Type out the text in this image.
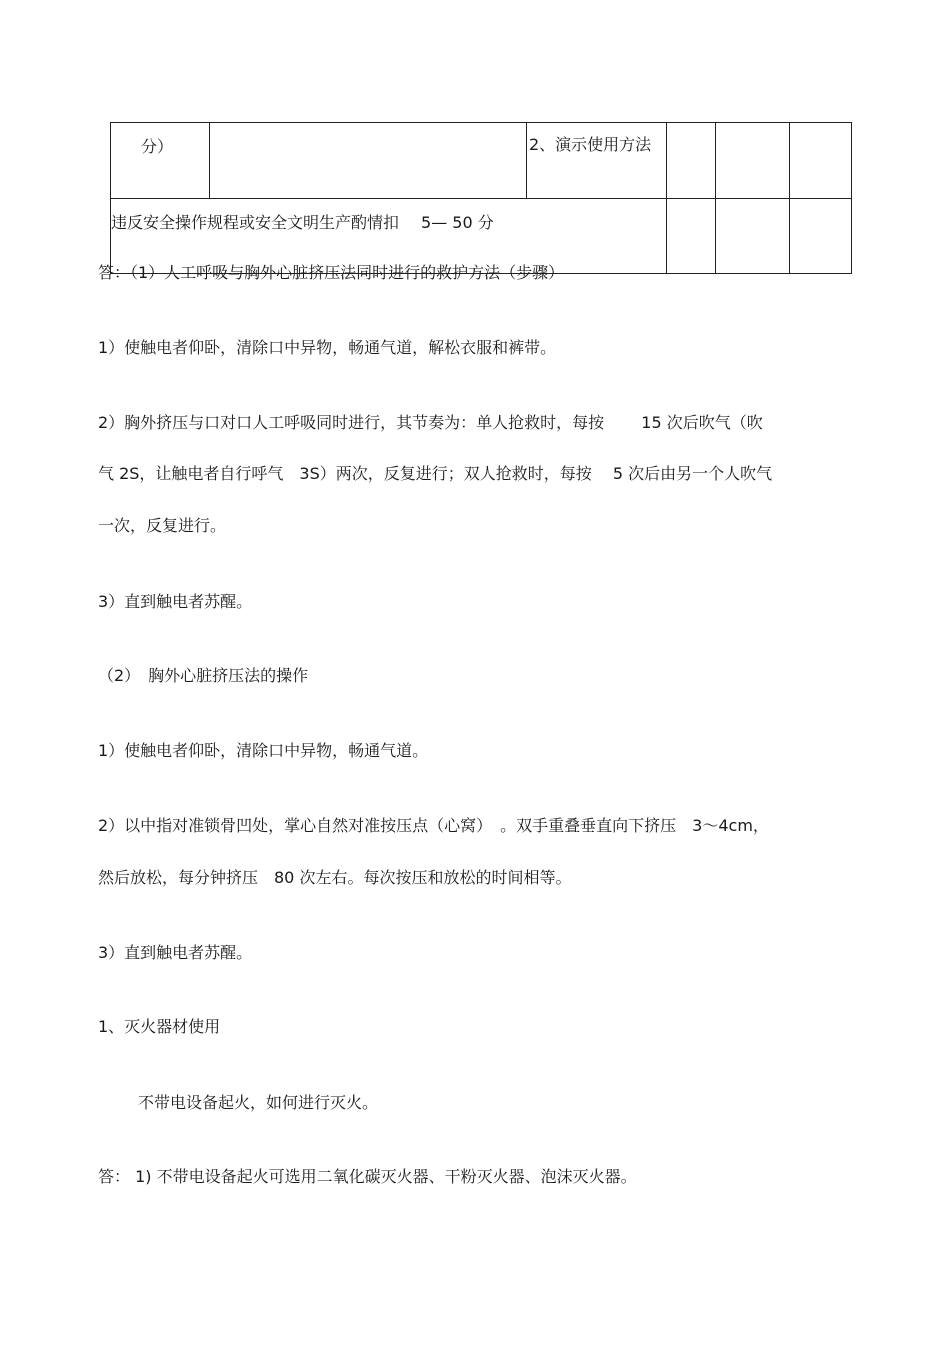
分）		2、演示使用方法			
违反安全操作规程或安全文明生产酌情扣 5— 50 分					
答：（1）人工呼吸与胸外心脏挤压法同时进行的救护方法（步骤）
1）使触电者仰卧，清除口中异物，畅通气道，解松衣服和裤带。
2）胸外挤压与口对口人工呼吸同时进行，其节奏为：单人抢救时，每按　　 15 次后吹气（吹
气 2S，让触电者自行呼气　3S）两次，反复进行；双人抢救时，每按　 5 次后由另一个人吹气
一次，反复进行。
3）直到触电者苏醒。
（2）　胸外心脏挤压法的操作
1）使触电者仰卧，清除口中异物，畅通气道。
2）以中指对准锁骨凹处，掌心自然对准按压点（心窝）　。双手重叠垂直向下挤压　3～4cm，
然后放松，每分钟挤压　80 次左右。每次按压和放松的时间相等。
3）直到触电者苏醒。
1、灭火器材使用
不带电设备起火，如何进行灭火。
答： 1) 不带电设备起火可选用二氧化碳灭火器、干粉灭火器、泡沫灭火器。
